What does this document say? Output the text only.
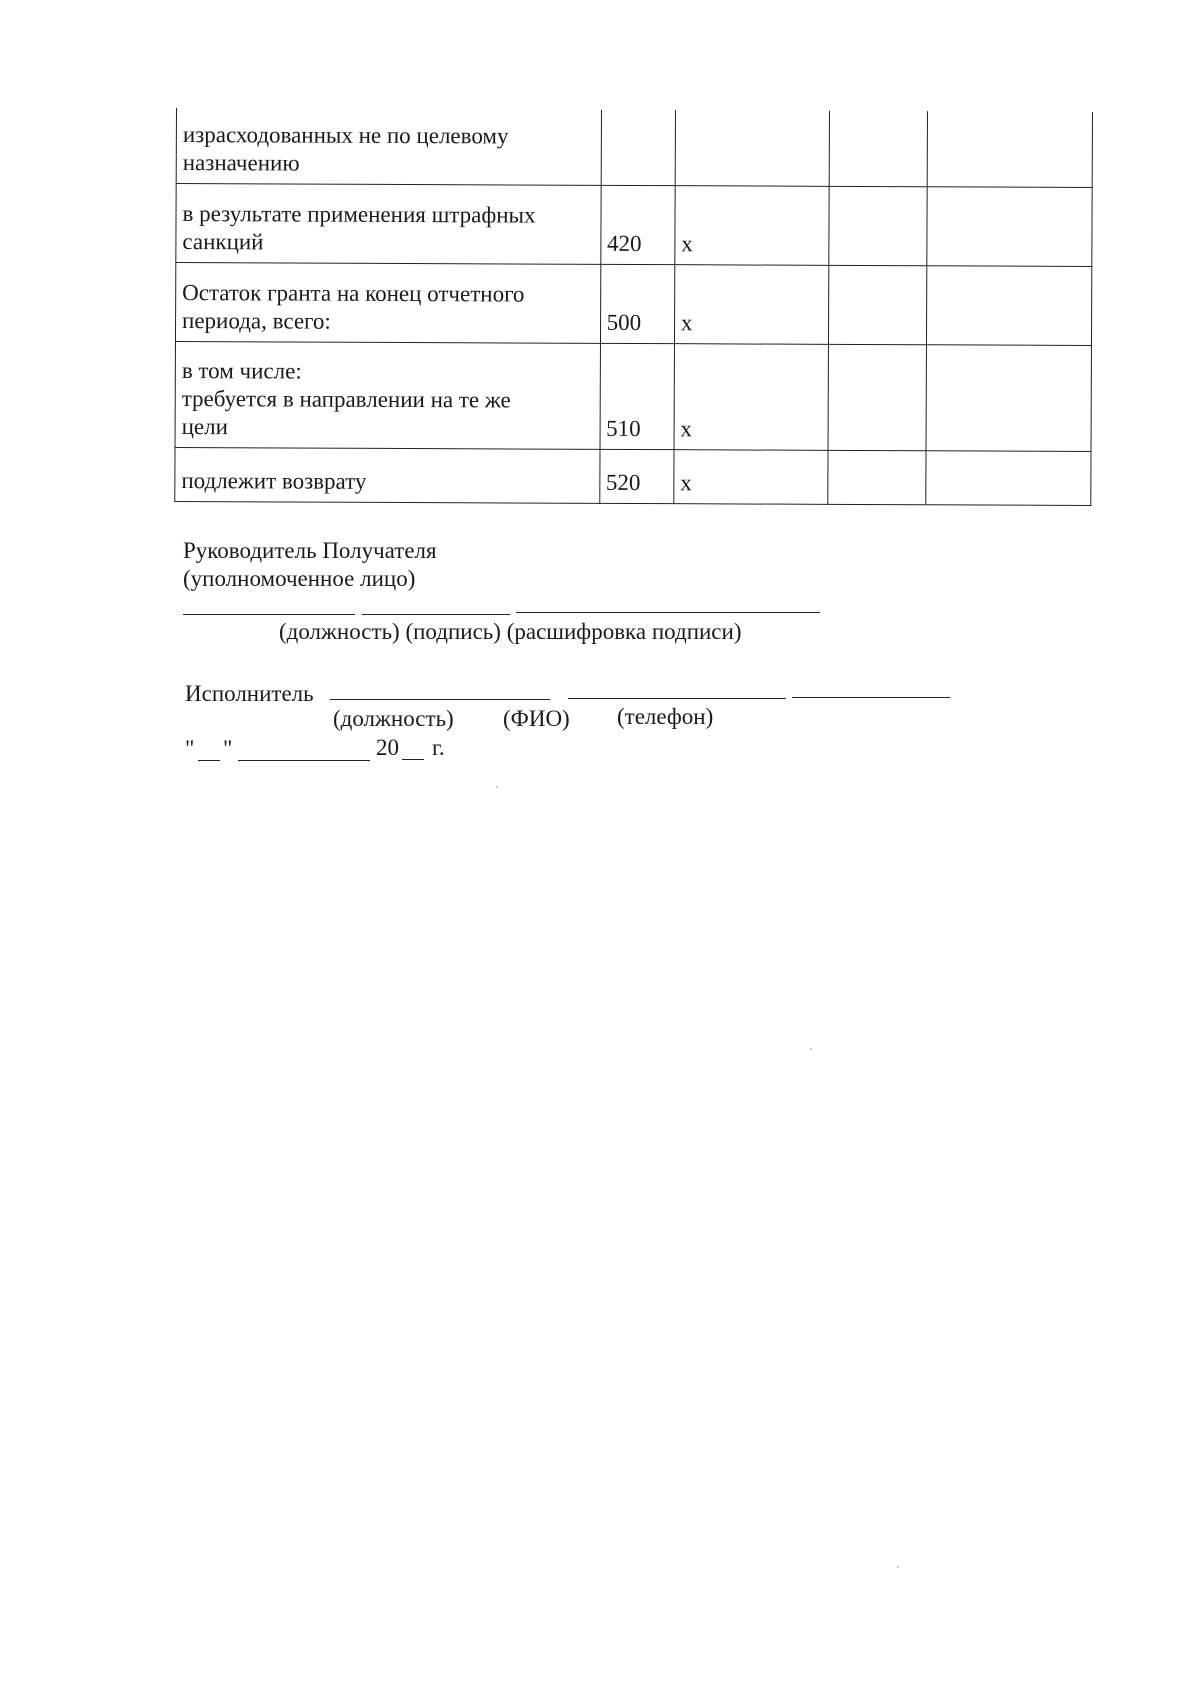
израсходованных не по целевому
назначению				
в результате применения штрафных
санкций	420	x		
Остаток гранта на конец отчетного
периода, всего:	500	x		
в том числе:
требуется в направлении на те же
цели	510	x		
подлежит возврату	520	x		
Руководитель Получателя
(уполномоченное лицо)
(должность) (подпись) (расшифровка подписи)
Исполнитель
(должность) (ФИО) (телефон)
" "	20 г.
